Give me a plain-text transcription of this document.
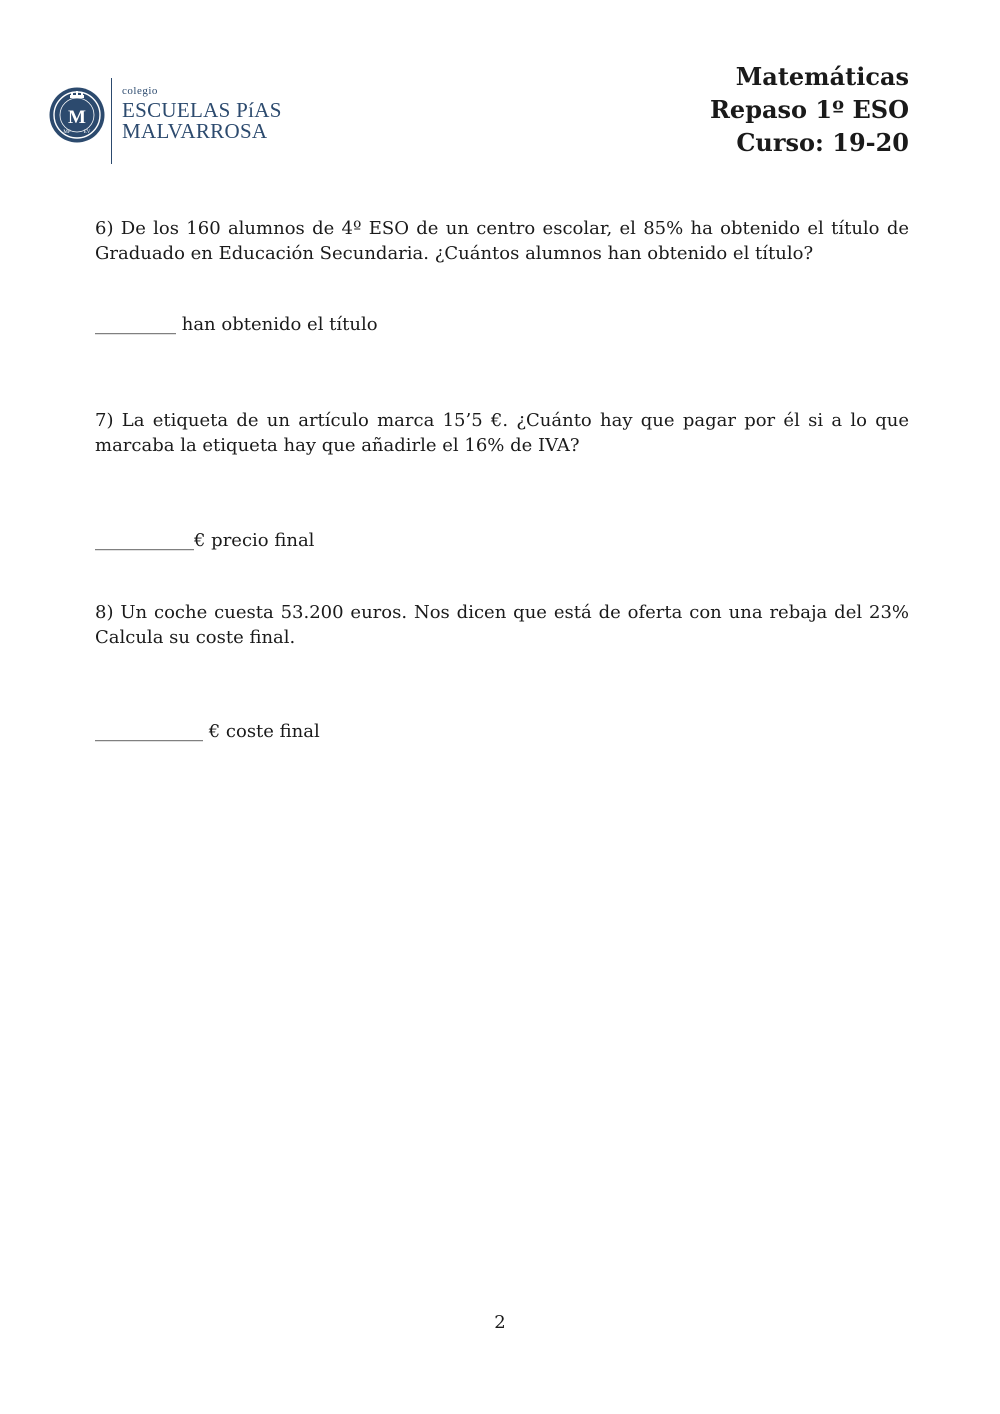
M
MP	EV
colegio
ESCUELAS PíAS
MALVARROSA
Matemáticas
Repaso 1º ESO
Curso: 19-20
6) De los 160 alumnos de 4º ESO de un centro escolar, el 85% ha obtenido el título de Graduado en Educación Secundaria. ¿Cuántos alumnos han obtenido el título?
_________ han obtenido el título
7) La etiqueta de un artículo marca 15’5 €. ¿Cuánto hay que pagar por él si a lo que marcaba la etiqueta hay que añadirle el 16% de IVA?
___________€ precio final
8) Un coche cuesta 53.200 euros. Nos dicen que está de oferta con una rebaja del 23% Calcula su coste final.
____________ € coste final
2
